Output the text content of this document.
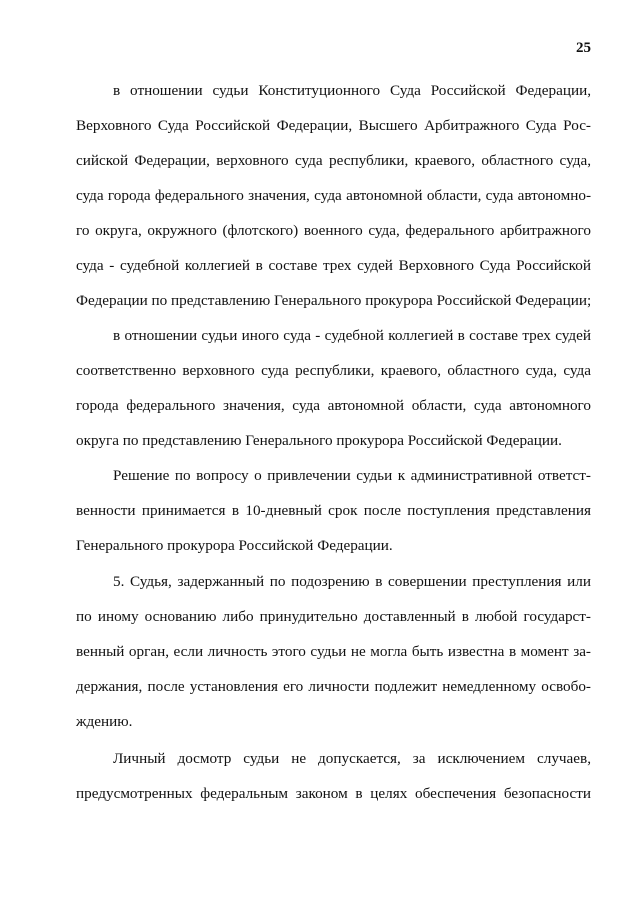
25
в отношении судьи Конституционного Суда Российской Федерации,
Верховного Суда Российской Федерации, Высшего Арбитражного Суда Рос-
сийской Федерации, верховного суда республики, краевого, областного суда,
суда города федерального значения, суда автономной области, суда автономно-
го округа, окружного (флотского) военного суда, федерального арбитражного
суда - судебной коллегией в составе трех судей Верховного Суда Российской
Федерации по представлению Генерального прокурора Российской Федерации;
в отношении судьи иного суда - судебной коллегией в составе трех судей
соответственно верховного суда республики, краевого, областного суда, суда
города федерального значения, суда автономной области, суда автономного
округа по представлению Генерального прокурора Российской Федерации.
Решение по вопросу о привлечении судьи к административной ответст-
венности принимается в 10-дневный срок после поступления представления
Генерального прокурора Российской Федерации.
5. Судья, задержанный по подозрению в совершении преступления или
по иному основанию либо принудительно доставленный в любой государст-
венный орган, если личность этого судьи не могла быть известна в момент за-
держания, после установления его личности подлежит немедленному освобо-
ждению.
Личный досмотр судьи не допускается, за исключением случаев,
предусмотренных федеральным законом в целях обеспечения безопасности
